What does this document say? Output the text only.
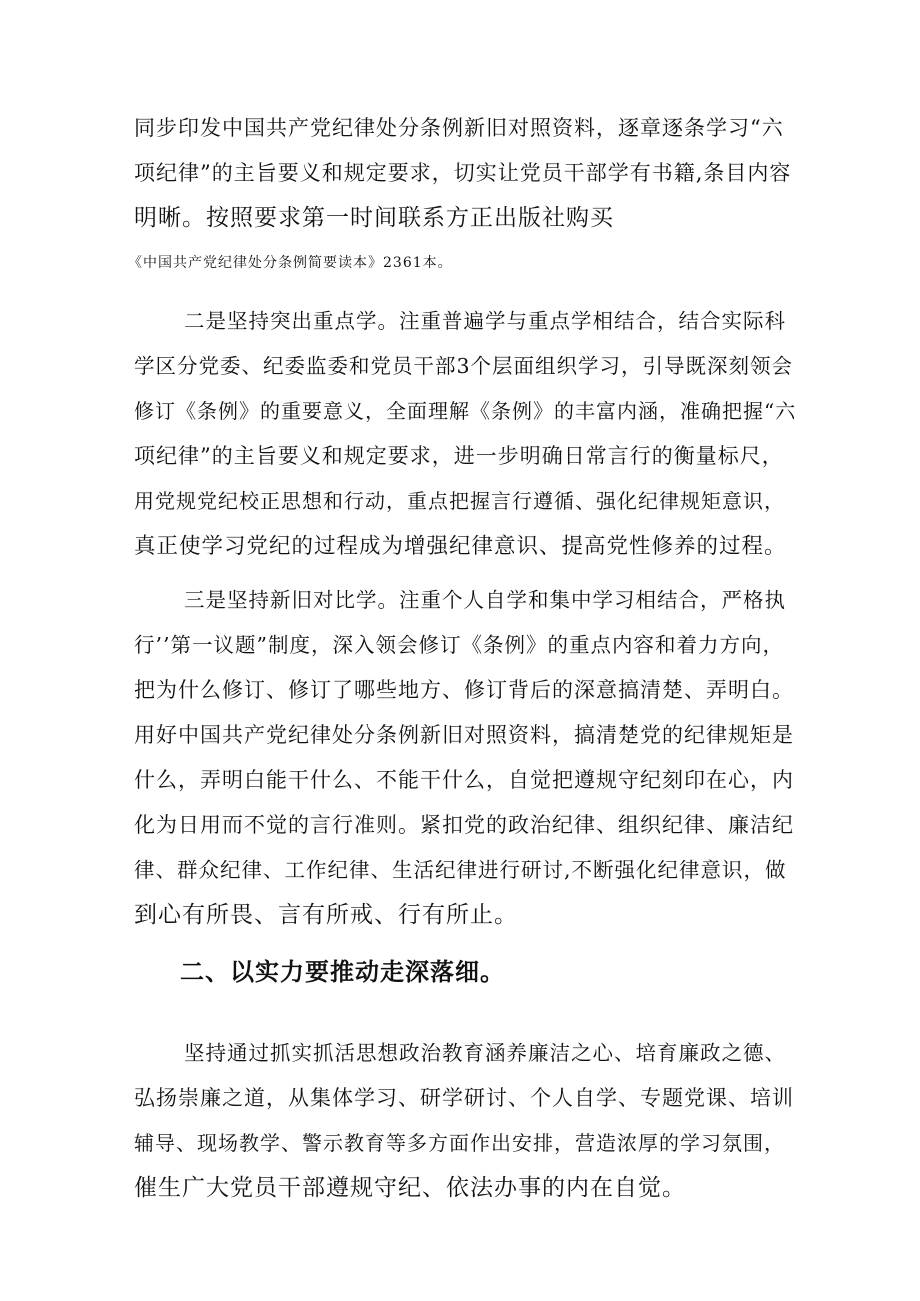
同步印发中国共产党纪律处分条例新旧对照资料，逐章逐条学习“六
项纪律”的主旨要义和规定要求，切实让党员干部学有书籍,条目内容
明晰。按照要求第一时间联系方正出版社购买
《中国共产党纪律处分条例简要读本》2361本。
二是坚持突出重点学。注重普遍学与重点学相结合，结合实际科
学区分党委、纪委监委和党员干部3个层面组织学习，引导既深刻领会
修订《条例》的重要意义，全面理解《条例》的丰富内涵，准确把握“六
项纪律”的主旨要义和规定要求，进一步明确日常言行的衡量标尺，
用党规党纪校正思想和行动，重点把握言行遵循、强化纪律规矩意识，
真正使学习党纪的过程成为增强纪律意识、提高党性修养的过程。
三是坚持新旧对比学。注重个人自学和集中学习相结合，严格执
行’’第一议题”制度，深入领会修订《条例》的重点内容和着力方向，
把为什么修订、修订了哪些地方、修订背后的深意搞清楚、弄明白。
用好中国共产党纪律处分条例新旧对照资料，搞清楚党的纪律规矩是
什么，弄明白能干什么、不能干什么，自觉把遵规守纪刻印在心，内
化为日用而不觉的言行准则。紧扣党的政治纪律、组织纪律、廉洁纪
律、群众纪律、工作纪律、生活纪律进行研讨,不断强化纪律意识，做
到心有所畏、言有所戒、行有所止。
二、以实力要推动走深落细。
坚持通过抓实抓活思想政治教育涵养廉洁之心、培育廉政之德、
弘扬崇廉之道，从集体学习、研学研讨、个人自学、专题党课、培训
辅导、现场教学、警示教育等多方面作出安排，营造浓厚的学习氛围，
催生广大党员干部遵规守纪、依法办事的内在自觉。
